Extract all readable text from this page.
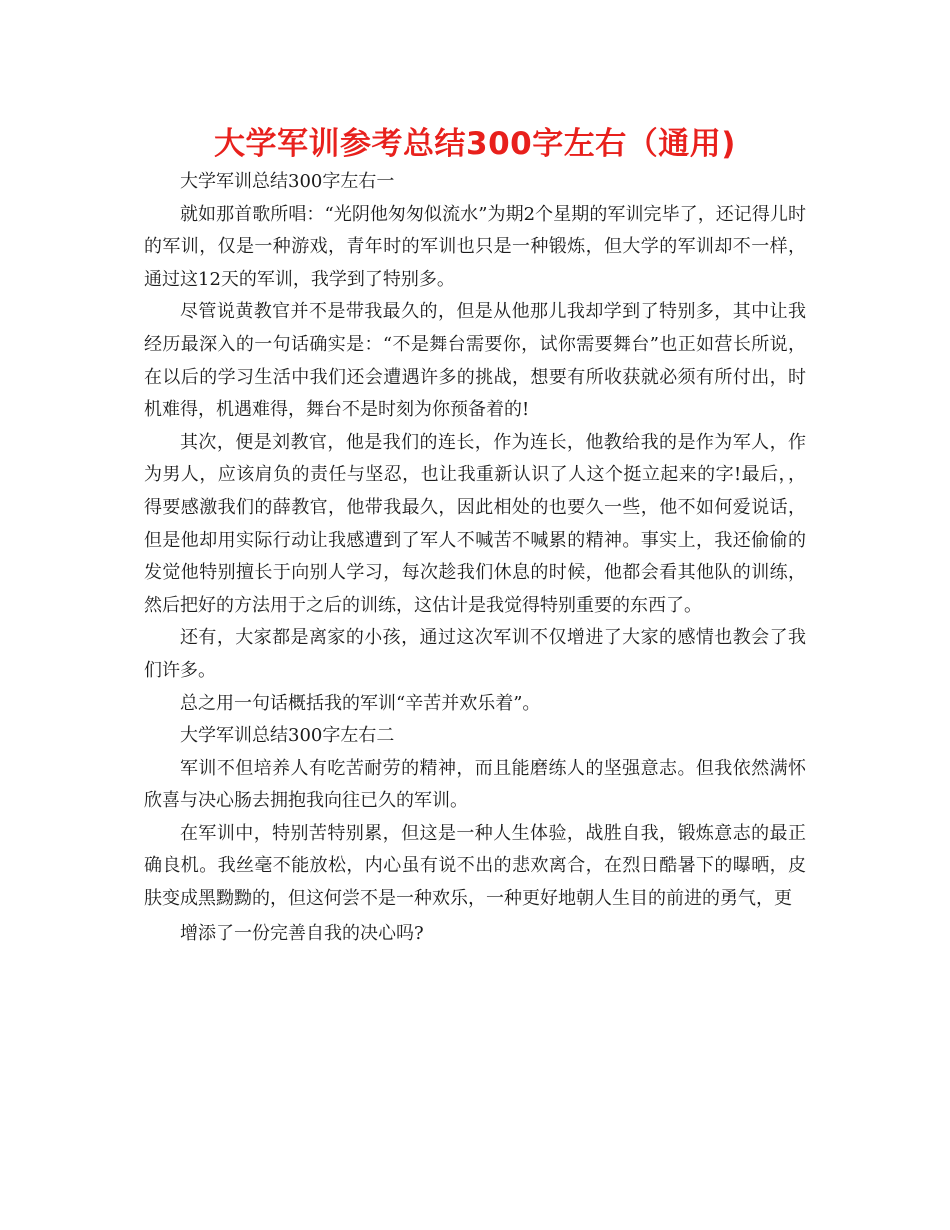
大学军训参考总结300字左右（通用)

大学军训总结300字左右一

就如那首歌所唱：“光阴他匆匆似流水”为期2个星期的军训完毕了，还记得儿时的军训，仅是一种游戏，青年时的军训也只是一种锻炼，但大学的军训却不一样，通过这12天的军训，我学到了特别多。

尽管说黄教官并不是带我最久的，但是从他那儿我却学到了特别多，其中让我经历最深入的一句话确实是：“不是舞台需要你，试你需要舞台”也正如营长所说，在以后的学习生活中我们还会遭遇许多的挑战，想要有所收获就必须有所付出，时机难得，机遇难得，舞台不是时刻为你预备着的!

其次，便是刘教官，他是我们的连长，作为连长，他教给我的是作为军人，作为男人，应该肩负的责任与坚忍，也让我重新认识了人这个挺立起来的字!最后，，得要感激我们的薛教官，他带我最久，因此相处的也要久一些，他不如何爱说话，但是他却用实际行动让我感遭到了军人不喊苦不喊累的精神。事实上，我还偷偷的发觉他特别擅长于向别人学习，每次趁我们休息的时候，他都会看其他队的训练，然后把好的方法用于之后的训练，这估计是我觉得特别重要的东西了。

还有，大家都是离家的小孩，通过这次军训不仅增进了大家的感情也教会了我们许多。

总之用一句话概括我的军训“辛苦并欢乐着”。

大学军训总结300字左右二

军训不但培养人有吃苦耐劳的精神，而且能磨练人的坚强意志。但我依然满怀欣喜与决心肠去拥抱我向往已久的军训。

在军训中，特别苦特别累，但这是一种人生体验，战胜自我，锻炼意志的最正确良机。我丝毫不能放松，内心虽有说不出的悲欢离合，在烈日酷暑下的曝晒，皮肤变成黑黝黝的，但这何尝不是一种欢乐，一种更好地朝人生目的前进的勇气，更

增添了一份完善自我的决心吗?
